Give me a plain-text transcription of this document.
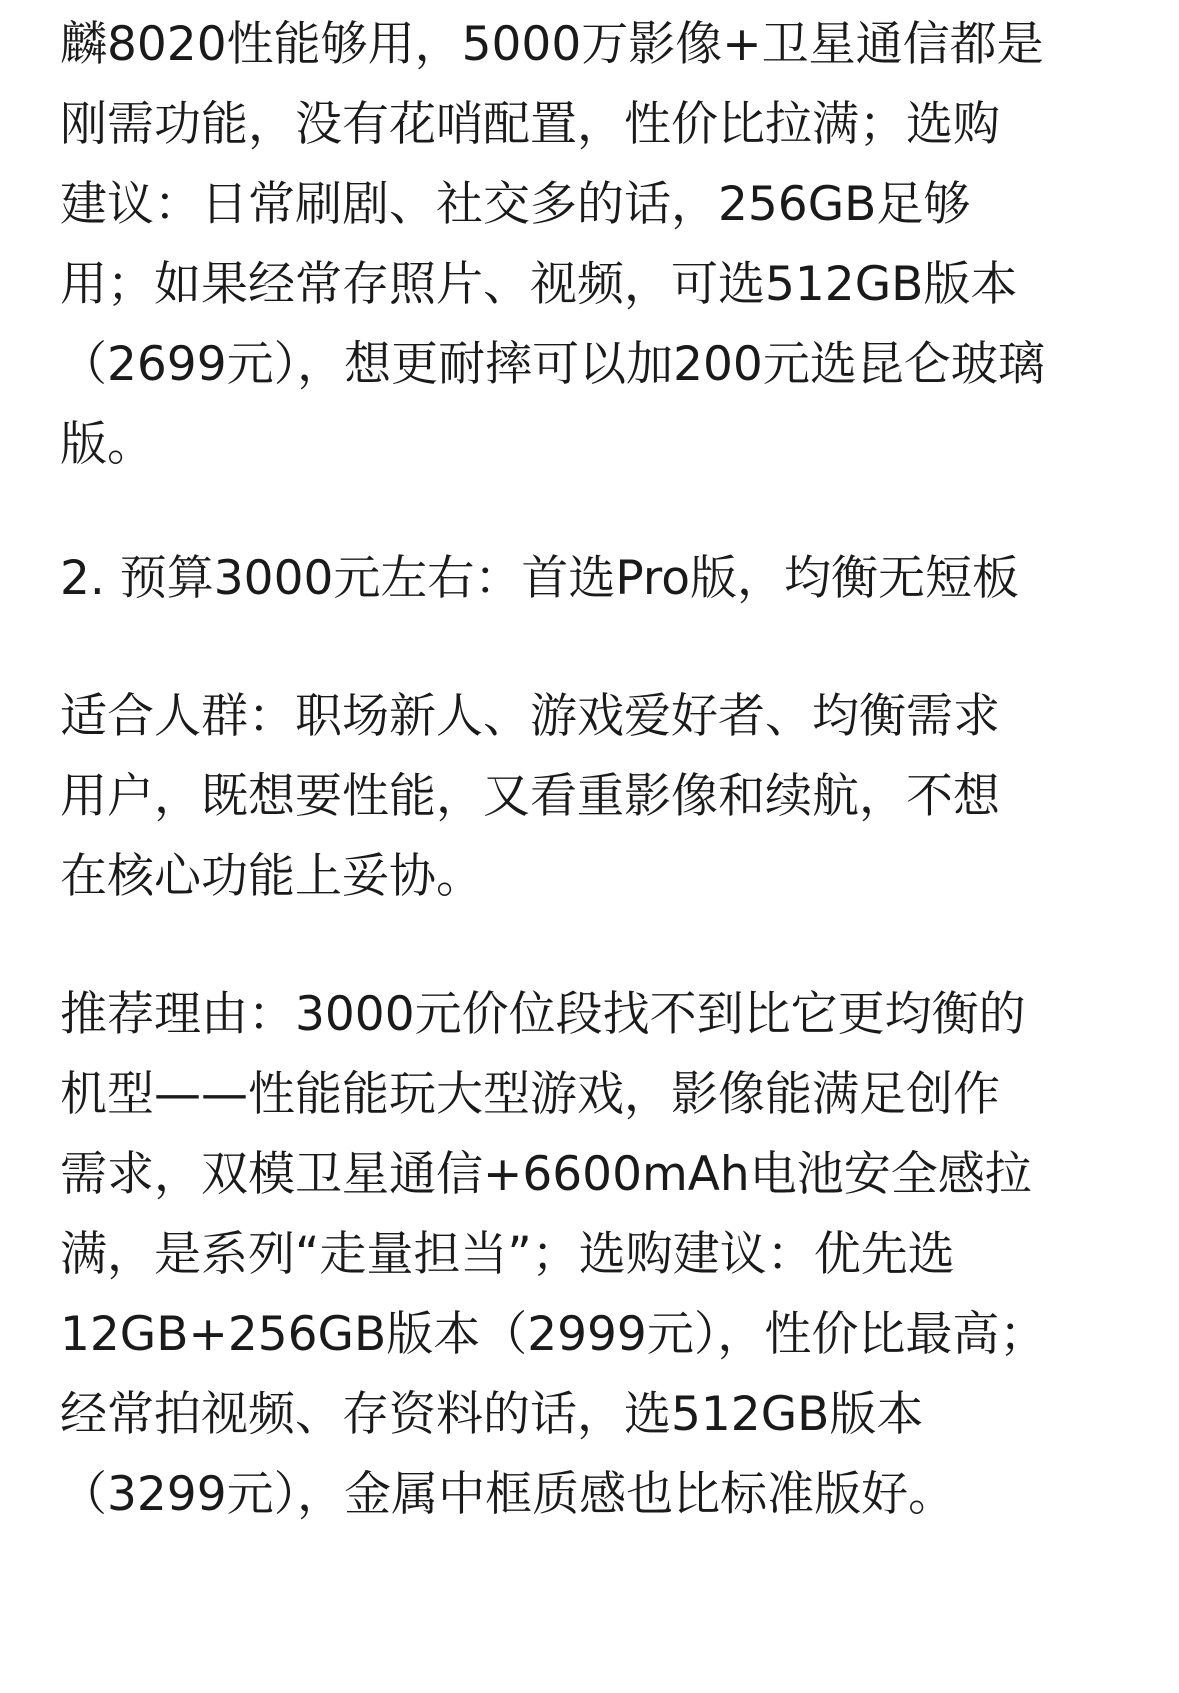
麟8020性能够用，5000万影像+卫星通信都是
刚需功能，没有花哨配置，性价比拉满；选购
建议：日常刷剧、社交多的话，256GB足够
用；如果经常存照片、视频，可选512GB版本
（2699元），想更耐摔可以加200元选昆仑玻璃
版。
2. 预算3000元左右：首选Pro版，均衡无短板
适合人群：职场新人、游戏爱好者、均衡需求
用户，既想要性能，又看重影像和续航，不想
在核心功能上妥协。
推荐理由：3000元价位段找不到比它更均衡的
机型——性能能玩大型游戏，影像能满足创作
需求，双模卫星通信+6600mAh电池安全感拉
满，是系列“走量担当”；选购建议：优先选
12GB+256GB版本（2999元），性价比最高；
经常拍视频、存资料的话，选512GB版本
（3299元），金属中框质感也比标准版好。
